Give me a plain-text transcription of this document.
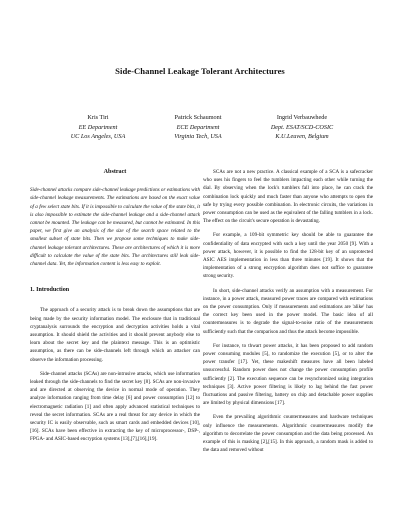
Side-Channel Leakage Tolerant Architectures
Kris Tiri
EE Department
UC Los Angeles, USA
Patrick Schaumont
ECE Department
Virginia Tech, USA
Ingrid Verbauwhede
Dept. ESAT/SCD-COSIC
K.U.Leuven, Belgium
Abstract

Side-channel attacks compare side-channel leakage predictions or estimations with side-channel leakage measurements. The estimations are based on the exact value of a few select state bits. If it is impossible to calculate the value of the state bits, it is also impossible to estimate the side-channel leakage and a side-channel attack cannot be mounted. The leakage can be measured, but cannot be estimated. In this paper, we first give an analysis of the size of the search space related to the smallest subset of state bits. Then we propose some techniques to make side-channel leakage tolerant architectures. These are architectures of which it is more difficult to calculate the value of the state bits. The architectures still leak side-channel data. Yet, the information content is less easy to exploit.

1. Introduction

The approach of a security attack is to break down the assumptions that are being made by the security information model. The enclosure that in traditional cryptanalysis surrounds the encryption and decryption activities holds a vital assumption. It should shield the activities and it should prevent anybody else to learn about the secret key and the plaintext message. This is an optimistic assumption, as there can be side-channels left through which an attacker can observe the information processing.

Side-channel attacks (SCAs) are non-intrusive attacks, which use information leaked through the side-channels to find the secret key [8]. SCAs are non-invasive and are directed at observing the device in normal mode of operation. They analyze information ranging from time delay [6] and power consumption [12] to electromagnetic radiation [1] and often apply advanced statistical techniques to reveal the secret information. SCAs are a real threat for any device in which the security IC is easily observable, such as smart cards and embedded devices [10],[16]. SCAs have been effective in extracting the key of microprocessor-, DSP-, FPGA- and ASIC-based encryption systems [13],[7],[16],[19].

SCAs are not a new practice. A classical example of a SCA is a safecracker who uses his fingers to feel the tumblers impacting each other while turning the dial. By observing when the lock's tumblers fall into place, he can crack the combination lock quickly and much faster than anyone who attempts to open the safe by trying every possible combination. In electronic circuits, the variations in power consumption can be used as the equivalent of the falling tumblers in a lock. The effect on the circuit's secure operation is devastating.

For example, a 109-bit symmetric key should be able to guarantee the confidentiality of data encrypted with such a key until the year 2050 [9]. With a power attack, however, it is possible to find the 128-bit key of an unprotected ASIC AES implementation in less than three minutes [19]. It shows that the implementation of a strong encryption algorithm does not suffice to guarantee strong security.

In short, side-channel attacks verify an assumption with a measurement. For instance, in a power attack, measured power traces are compared with estimations on the power consumption. Only if measurements and estimations are 'alike' has the correct key been used in the power model. The basic idea of all countermeasures is to degrade the signal-to-noise ratio of the measurements sufficiently such that the comparison and thus the attack become impossible.

For instance, to thwart power attacks, it has been proposed to add random power consuming modules [5], to randomize the execution [5], or to alter the power transfer [17]. Yet, these makeshift measures have all been labeled unsuccessful. Random power does not change the power consumption profile sufficiently [2]. The execution sequence can be resynchronized using integration techniques [3]. Active power filtering is likely to lag behind the fast power fluctuations and passive filtering, battery on chip and detachable power supplies are limited by physical dimensions [17].

Even the prevailing algorithmic countermeasures and hardware techniques only influence the measurements. Algorithmic countermeasures modify the algorithm to decorrelate the power consumption and the data being processed. An example of this is masking [2],[15]. In this approach, a random mask is added to the data and removed without
